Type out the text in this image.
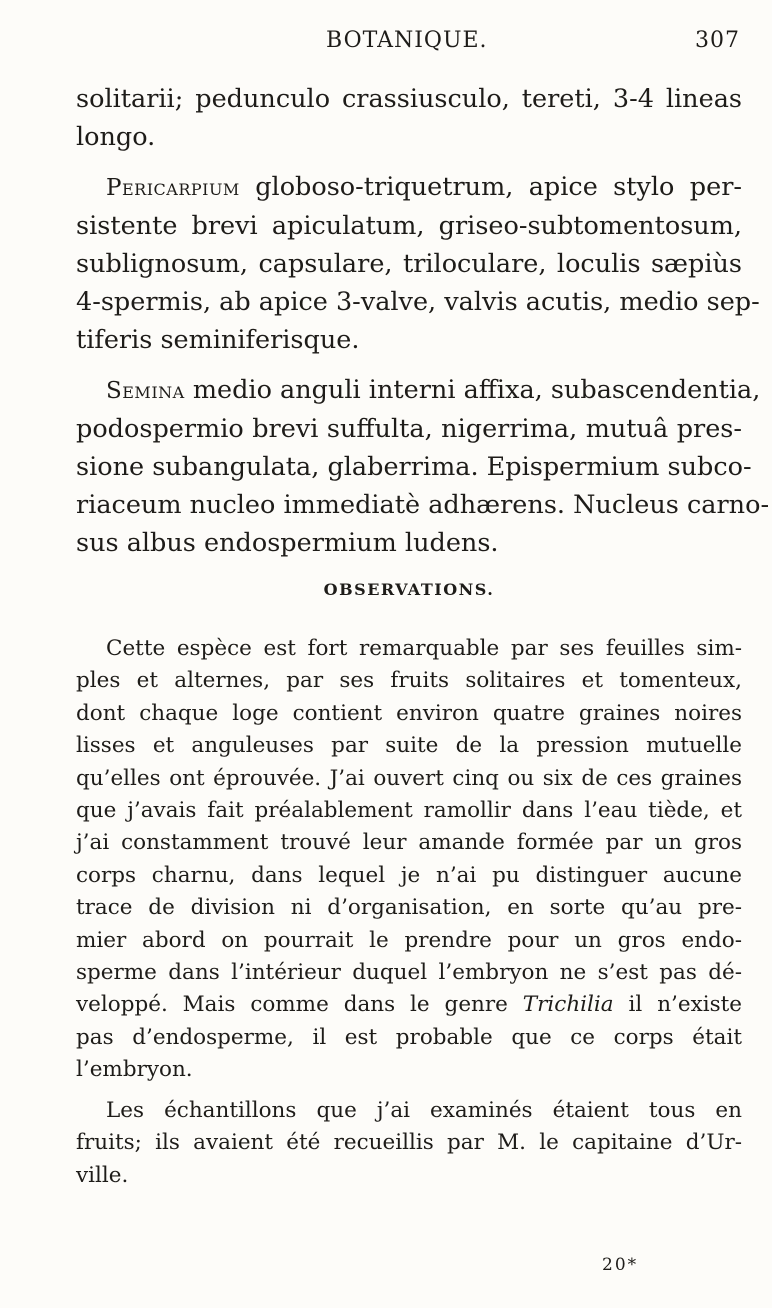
BOTANIQUE.	307
solitarii; pedunculo crassiusculo, tereti, 3-4 lineas
longo.
Pericarpium globoso-triquetrum, apice stylo per-
sistente brevi apiculatum, griseo-subtomentosum,
sublignosum, capsulare, triloculare, loculis sæpiùs
4-spermis, ab apice 3-valve, valvis acutis, medio sep-
tiferis seminiferisque.
Semina medio anguli interni affixa, subascendentia,
podospermio brevi suffulta, nigerrima, mutuâ pres-
sione subangulata, glaberrima. Epispermium subco-
riaceum nucleo immediatè adhærens. Nucleus carno-
sus albus endospermium ludens.
OBSERVATIONS.
Cette espèce est fort remarquable par ses feuilles sim-
ples et alternes, par ses fruits solitaires et tomenteux,
dont chaque loge contient environ quatre graines noires
lisses et anguleuses par suite de la pression mutuelle
qu’elles ont éprouvée. J’ai ouvert cinq ou six de ces graines
que j’avais fait préalablement ramollir dans l’eau tiède, et
j’ai constamment trouvé leur amande formée par un gros
corps charnu, dans lequel je n’ai pu distinguer aucune
trace de division ni d’organisation, en sorte qu’au pre-
mier abord on pourrait le prendre pour un gros endo-
sperme dans l’intérieur duquel l’embryon ne s’est pas dé-
veloppé. Mais comme dans le genre Trichilia il n’existe
pas d’endosperme, il est probable que ce corps était
l’embryon.
Les échantillons que j’ai examinés étaient tous en
fruits; ils avaient été recueillis par M. le capitaine d’Ur-
ville.
20*
